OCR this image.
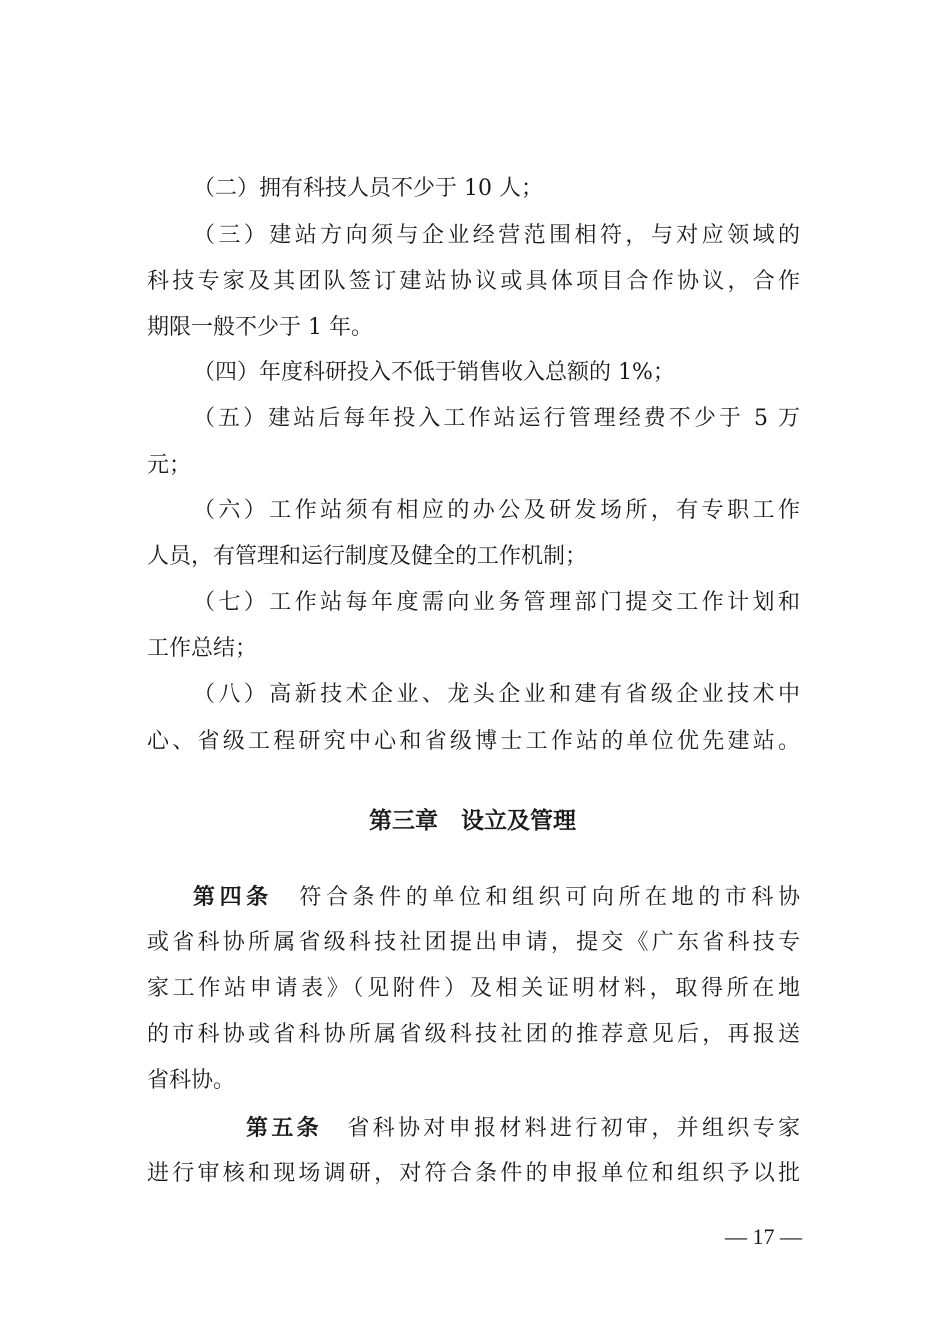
（二）拥有科技人员不少于 10 人；
（三）建站方向须与企业经营范围相符，与对应领域的
科技专家及其团队签订建站协议或具体项目合作协议，合作
期限一般不少于 1 年。
（四）年度科研投入不低于销售收入总额的 1%；
（五）建站后每年投入工作站运行管理经费不少于 5 万
元；
（六）工作站须有相应的办公及研发场所，有专职工作
人员，有管理和运行制度及健全的工作机制；
（七）工作站每年度需向业务管理部门提交工作计划和
工作总结；
（八）高新技术企业、龙头企业和建有省级企业技术中
心、省级工程研究中心和省级博士工作站的单位优先建站。
第三章　设立及管理
第四条 符合条件的单位和组织可向所在地的市科协
或省科协所属省级科技社团提出申请，提交《广东省科技专
家工作站申请表》（见附件）及相关证明材料，取得所在地
的市科协或省科协所属省级科技社团的推荐意见后，再报送
省科协。
第五条 省科协对申报材料进行初审，并组织专家
进行审核和现场调研，对符合条件的申报单位和组织予以批
— 17 —
